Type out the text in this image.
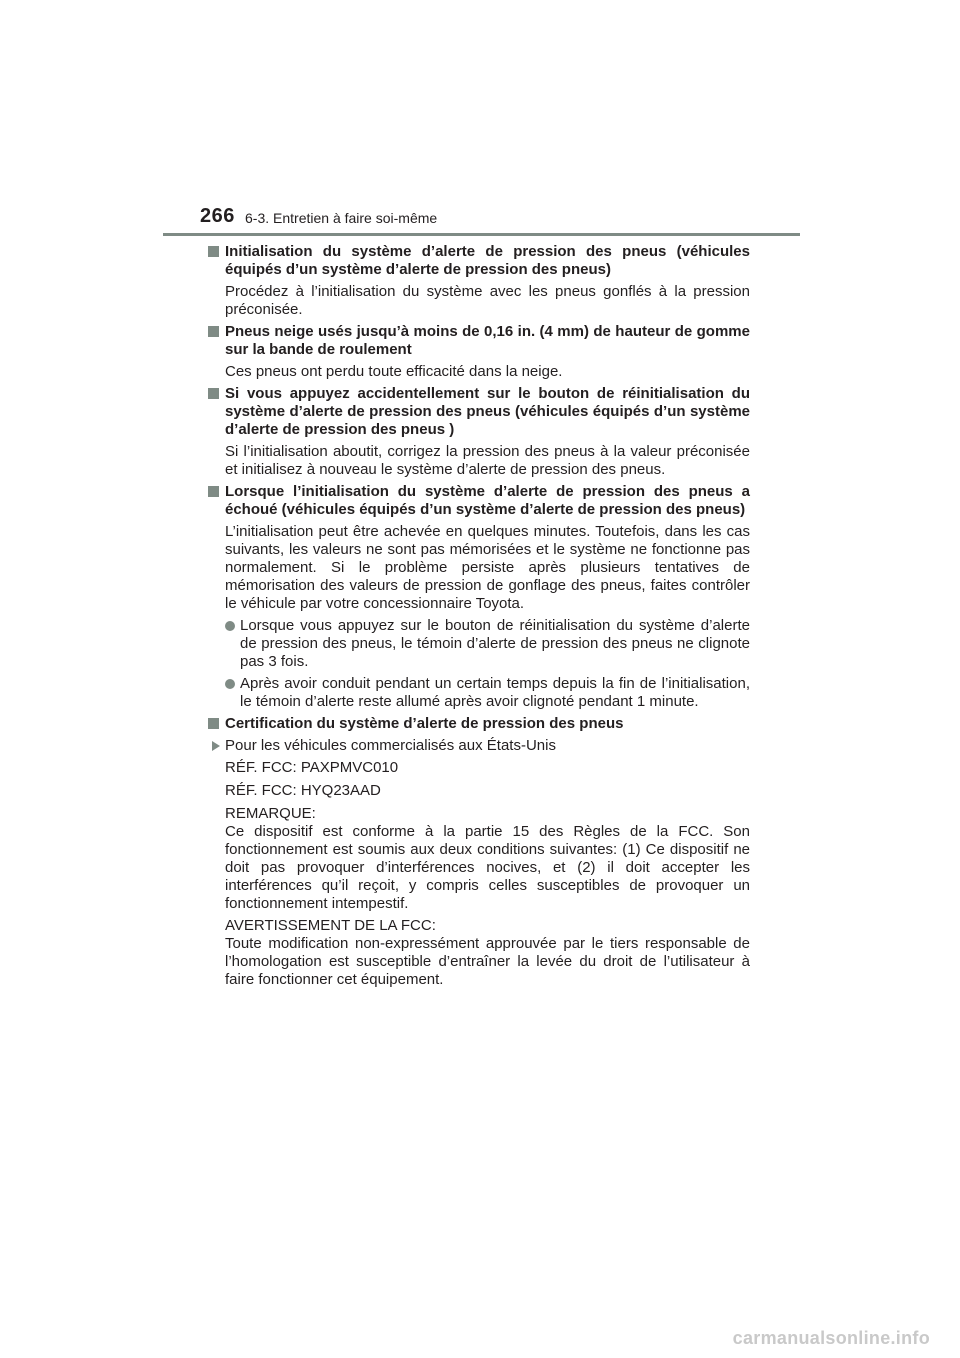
266 6-3. Entretien à faire soi-même
Initialisation du système d’alerte de pression des pneus (véhicules équipés d’un système d’alerte de pression des pneus)
Procédez à l’initialisation du système avec les pneus gonflés à la pression préconisée.
Pneus neige usés jusqu’à moins de 0,16 in. (4 mm) de hauteur de gomme sur la bande de roulement
Ces pneus ont perdu toute efficacité dans la neige.
Si vous appuyez accidentellement sur le bouton de réinitialisation du système d’alerte de pression des pneus (véhicules équipés d’un système d’alerte de pression des pneus )
Si l’initialisation aboutit, corrigez la pression des pneus à la valeur préconisée et initialisez à nouveau le système d’alerte de pression des pneus.
Lorsque l’initialisation du système d’alerte de pression des pneus a échoué (véhicules équipés d’un système d’alerte de pression des pneus)
L’initialisation peut être achevée en quelques minutes. Toutefois, dans les cas suivants, les valeurs ne sont pas mémorisées et le système ne fonctionne pas normalement. Si le problème persiste après plusieurs tentatives de mémorisation des valeurs de pression de gonflage des pneus, faites contrôler le véhicule par votre concessionnaire Toyota.
Lorsque vous appuyez sur le bouton de réinitialisation du système d’alerte de pression des pneus, le témoin d’alerte de pression des pneus ne clignote pas 3 fois.
Après avoir conduit pendant un certain temps depuis la fin de l’initialisation, le témoin d’alerte reste allumé après avoir clignoté pendant 1 minute.
Certification du système d’alerte de pression des pneus
Pour les véhicules commercialisés aux États-Unis
RÉF. FCC: PAXPMVC010
RÉF. FCC: HYQ23AAD
REMARQUE:
Ce dispositif est conforme à la partie 15 des Règles de la FCC. Son fonctionnement est soumis aux deux conditions suivantes: (1) Ce dispositif ne doit pas provoquer d’interférences nocives, et (2) il doit accepter les interférences qu’il reçoit, y compris celles susceptibles de provoquer un fonctionnement intempestif.
AVERTISSEMENT DE LA FCC:
Toute modification non-expressément approuvée par le tiers responsable de l’homologation est susceptible d’entraîner la levée du droit de l’utilisateur à faire fonctionner cet équipement.
carmanualsonline.info
